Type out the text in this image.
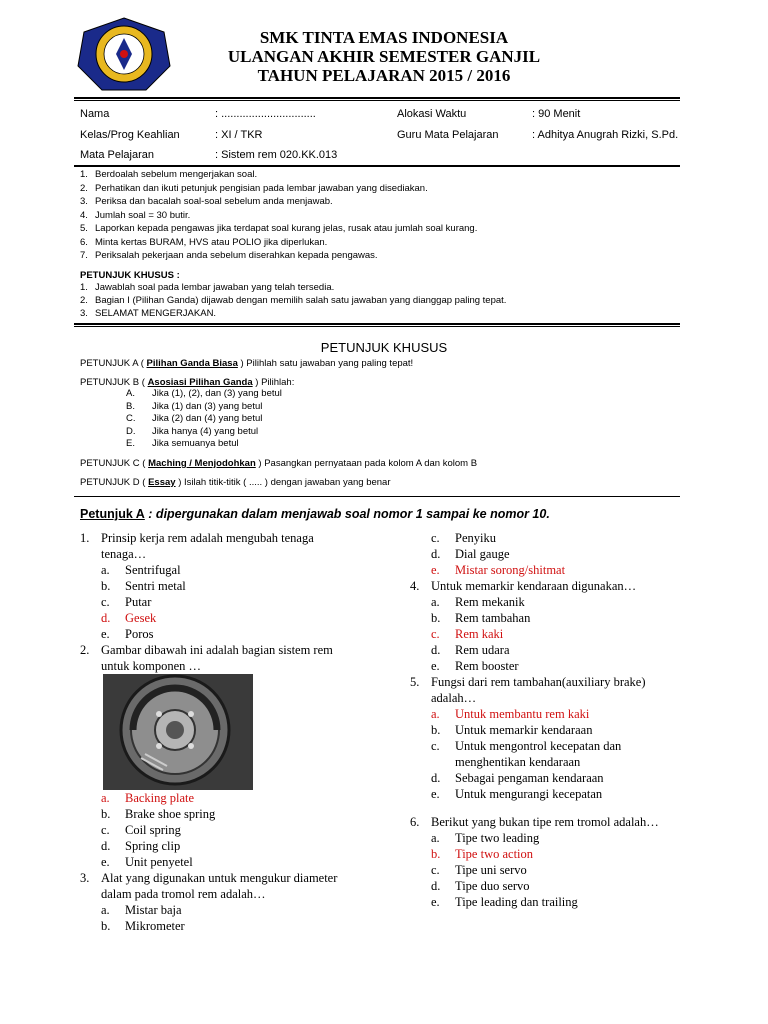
SMK TINTA EMAS INDONESIA
ULANGAN AKHIR SEMESTER GANJIL
TAHUN PELAJARAN 2015 / 2016
Nama	: ...............................	Alokasi Waktu	: 90 Menit
Kelas/Prog Keahlian	: XI / TKR	Guru Mata Pelajaran	: Adhitya Anugrah Rizki, S.Pd.
Mata Pelajaran	: Sistem rem 020.KK.013
1. Berdoalah sebelum mengerjakan soal.
2. Perhatikan dan ikuti petunjuk pengisian pada lembar jawaban yang disediakan.
3. Periksa dan bacalah soal-soal sebelum anda menjawab.
4. Jumlah soal = 30 butir.
5. Laporkan kepada pengawas jika terdapat soal kurang jelas, rusak atau jumlah soal kurang.
6. Minta kertas BURAM, HVS atau POLIO jika diperlukan.
7. Periksalah pekerjaan anda sebelum diserahkan kepada pengawas.
PETUNJUK KHUSUS :
1. Jawablah soal pada lembar jawaban yang telah tersedia.
2. Bagian I (Pilihan Ganda) dijawab dengan memilih salah satu jawaban yang dianggap paling tepat.
3. SELAMAT MENGERJAKAN.
PETUNJUK KHUSUS
PETUNJUK A ( Pilihan Ganda Biasa ) Pilihlah satu jawaban yang paling tepat!
PETUNJUK B ( Asosiasi Pilihan Ganda ) Pilihlah:
A. Jika (1), (2), dan (3) yang betul
B. Jika (1) dan (3) yang betul
C. Jika (2) dan (4) yang betul
D. Jika hanya (4) yang betul
E. Jika semuanya betul
PETUNJUK C ( Maching / Menjodohkan ) Pasangkan pernyataan pada kolom A dan kolom B
PETUNJUK D ( Essay ) Isilah titik-titik ( ..... ) dengan jawaban yang benar
Petunjuk A : dipergunakan dalam menjawab soal nomor 1 sampai ke nomor 10.
1. Prinsip kerja rem adalah mengubah tenaga
tenaga…
a. Sentrifugal
b. Sentri metal
c. Putar
d. Gesek
e. Poros
2. Gambar dibawah ini adalah bagian sistem rem
untuk komponen …
a. Backing plate
b. Brake shoe spring
c. Coil spring
d. Spring clip
e. Unit penyetel
3. Alat yang digunakan untuk mengukur diameter
dalam pada tromol rem adalah…
a. Mistar baja
b. Mikrometer
c. Penyiku
d. Dial gauge
e. Mistar sorong/shitmat
4. Untuk memarkir kendaraan digunakan…
a. Rem mekanik
b. Rem tambahan
c. Rem kaki
d. Rem udara
e. Rem booster
5. Fungsi dari rem tambahan(auxiliary brake)
adalah…
a. Untuk membantu rem kaki
b. Untuk memarkir kendaraan
c. Untuk mengontrol kecepatan dan
menghentikan kendaraan
d. Sebagai pengaman kendaraan
e. Untuk mengurangi kecepatan
6. Berikut yang bukan tipe rem tromol adalah…
a. Tipe two leading
b. Tipe two action
c. Tipe uni servo
d. Tipe duo servo
e. Tipe leading dan trailing
